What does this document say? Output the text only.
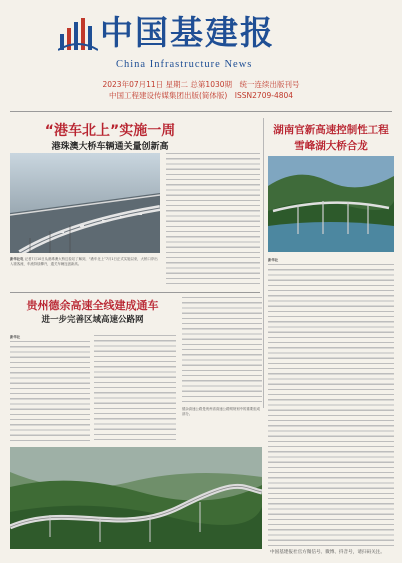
中国基建报
China Infrastructure News
2023年07月11日 星期二 总第1030期　统一连续出版刊号
中国工程建设传媒集团出版(简体版)　ISSN2709-4804
“港车北上”实施一周
港珠澳大桥车辆通关量创新高
新华社电 记者7月10日从港珠澳大桥边检站了解到，“港车北上”7月1日正式实施以来，大桥口岸出入境客流、车流持续攀升，通关车辆连创新高。
湖南官新高速控制性工程
雪峰湖大桥合龙
新华社
贵州德余高速全线建成通车
进一步完善区域高速公路网
新华社
德余高速公路是贵州省高速公路网规划中的重要组成部分。
中国基建报社官方微信号、微博、抖音号，请扫码关注。
